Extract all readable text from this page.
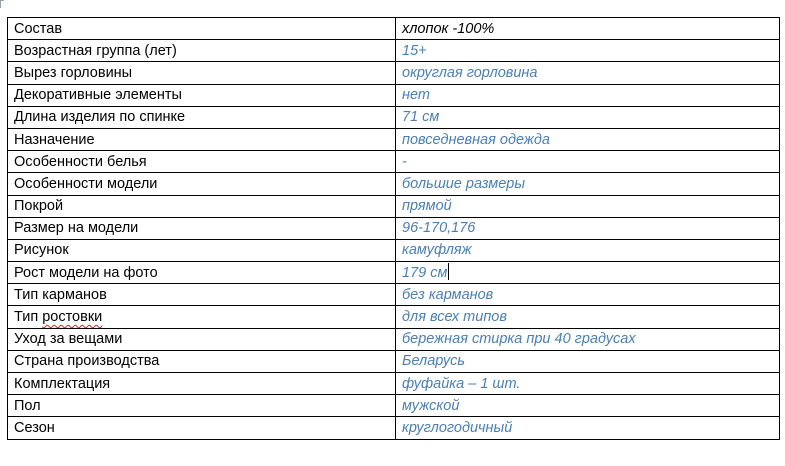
Состав	хлопок -100%
Возрастная группа (лет)	15+
Вырез горловины	округлая горловина
Декоративные элементы	нет
Длина изделия по спинке	71 см
Назначение	повседневная одежда
Особенности белья	-
Особенности модели	большие размеры
Покрой	прямой
Размер на модели	96-170,176
Рисунок	камуфляж
Рост модели на фото	179 см
Тип карманов	без карманов
Тип ростовки	для всех типов
Уход за вещами	бережная стирка при 40 градусах
Страна производства	Беларусь
Комплектация	фуфайка – 1 шт.
Пол	мужской
Сезон	круглогодичный
